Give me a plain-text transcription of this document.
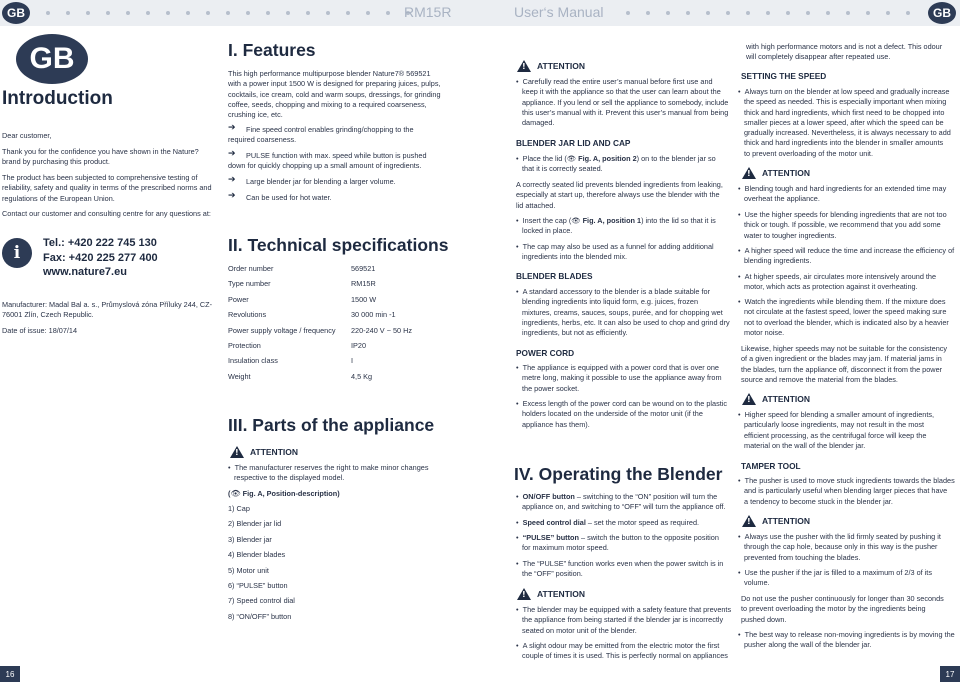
GB	RM15R	User‘s Manual	GB
GB
Introduction
Dear customer,
Thank you for the confidence you have shown in the Nature?
brand by purchasing this product.
The product has been subjected to comprehensive testing of
reliability, safety and quality in terms of the prescribed norms and
regulations of the European Union.
Contact our customer and consulting centre for any questions at:
i	Tel.: +420 222 745 130
Fax: +420 225 277 400
www.nature7.eu
Manufacturer: Madal Bal a. s., Průmyslová zóna Příluky 244, CZ-
76001 Zlín, Czech Republic.
Date of issue: 18/07/14
I. Features
This high performance multipurpose blender Nature7® 569521
with a power input 1500 W is designed for preparing juices, pulps,
cocktails, ice cream, cold and warm soups, dressings, for grinding
coffee, seeds, chopping and mixing to a required coarseness,
crushing ice, etc.
➔ Fine speed control enables grinding/chopping to the
required coarseness.
➔ PULSE function with max. speed while button is pushed
down for quickly chopping up a small amount of ingredients.
➔ Large blender jar for blending a larger volume.
➔ Can be used for hot water.
II. Technical specifications
Order number	569521
Type number	RM15R
Power	1500 W
Revolutions	30 000 min -1
Power supply voltage / frequency 220-240 V ~ 50 Hz
Protection	IP20
Insulation class	I
Weight	4,5 Kg
III. Parts of the appliance
!
ATTENTION
•  The manufacturer reserves the right to make minor changes
respective to the displayed model.
(👁 Fig. A, Position-description)
1) Cap
2) Blender jar lid
3) Blender jar
4) Blender blades
5) Motor unit
6) “PULSE” button
7) Speed control dial
8) “ON/OFF” button
!
ATTENTION
•  Carefully read the entire user’s manual before first use and
keep it with the appliance so that the user can learn about the
appliance. If you lend or sell the appliance to somebody, include
this user’s manual with it. Prevent this user’s manual from being
damaged.
BLENDER JAR LID AND CAP
•  Place the lid (👁 Fig. A, position 2) on to the blender jar so
that it is correctly seated.
A correctly seated lid prevents blended ingredients from leaking,
especially at start up, therefore always use the blender with the
lid attached.
•  Insert the cap (👁 Fig. A, position 1) into the lid so that it is
locked in place.
•  The cap may also be used as a funnel for adding additional
ingredients into the blended mix.
BLENDER BLADES
•  A standard accessory to the blender is a blade suitable for
blending ingredients into liquid form, e.g. juices, frozen
mixtures, creams, sauces, soups, purée, and for chopping wet
ingredients, herbs, etc. It can also be used to chop and grind dry
ingredients, but not as efficiently.
POWER CORD
•  The appliance is equipped with a power cord that is over one
metre long, making it possible to use the appliance away from
the power socket.
•  Excess length of the power cord can be wound on to the plastic
holders located on the underside of the motor unit (if the
appliance has them).
IV. Operating the Blender
•  ON/OFF button – switching to the “ON” position will turn the
appliance on, and switching to “OFF” will turn the appliance off.
•  Speed control dial – set the motor speed as required.
•  “PULSE” button – switch the button to the opposite position
for maximum motor speed.
•  The “PULSE” function works even when the power switch is in
the “OFF” position.
!
ATTENTION
•  The blender may be equipped with a safety feature that prevents
the appliance from being started if the blender jar is incorrectly
seated on motor unit of the blender.
•  A slight odour may be emitted from the electric motor the first
couple of times it is used. This is perfectly normal on appliances
with high performance motors and is not a defect. This odour
will completely disappear after repeated use.
SETTING THE SPEED
•  Always turn on the blender at low speed and gradually increase
the speed as needed. This is especially important when mixing
thick and hard ingredients, which first need to be chopped into
smaller pieces at a lower speed, after which the speed can be
gradually increased. Nevertheless, it is always necessary to add
thick and hard ingredients into the blender in smaller amounts
to prevent overloading of the motor unit.
!
ATTENTION
•  Blending tough and hard ingredients for an extended time may
overheat the appliance.
•  Use the higher speeds for blending ingredients that are not too
thick or tough. If possible, we recommend that you add some
water to tougher ingredients.
•  A higher speed will reduce the time and increase the efficiency of
blending ingredients.
•  At higher speeds, air circulates more intensively around the
motor, which acts as protection against it overheating.
•  Watch the ingredients while blending them. If the mixture does
not circulate at the fastest speed, lower the speed making sure
not to overload the blender, which is indicated also by a heavier
motor noise.
Likewise, higher speeds may not be suitable for the consistency
of a given ingredient or the blades may jam. If material jams in
the blades, turn the appliance off, disconnect it from the power
source and remove the material from the blades.
!
ATTENTION
•  Higher speed for blending a smaller amount of ingredients,
particularly loose ingredients, may not result in the most
efficient processing, as the centrifugal force will keep the
material on the wall of the blender jar.
TAMPER TOOL
•  The pusher is used to move stuck ingredients towards the blades
and is particularly useful when blending larger pieces that have
a tendency to become stuck in the blender jar.
!
ATTENTION
•  Always use the pusher with the lid firmly seated by pushing it
through the cap hole, because only in this way is the pusher
prevented from touching the blades.
•  Use the pusher if the jar is filled to a maximum of 2/3 of its
volume.
Do not use the pusher continuously for longer than 30 seconds
to prevent overloading the motor by the ingredients being
pushed down.
•  The best way to release non-moving ingredients is by moving the
pusher along the wall of the blender jar.
16	17
